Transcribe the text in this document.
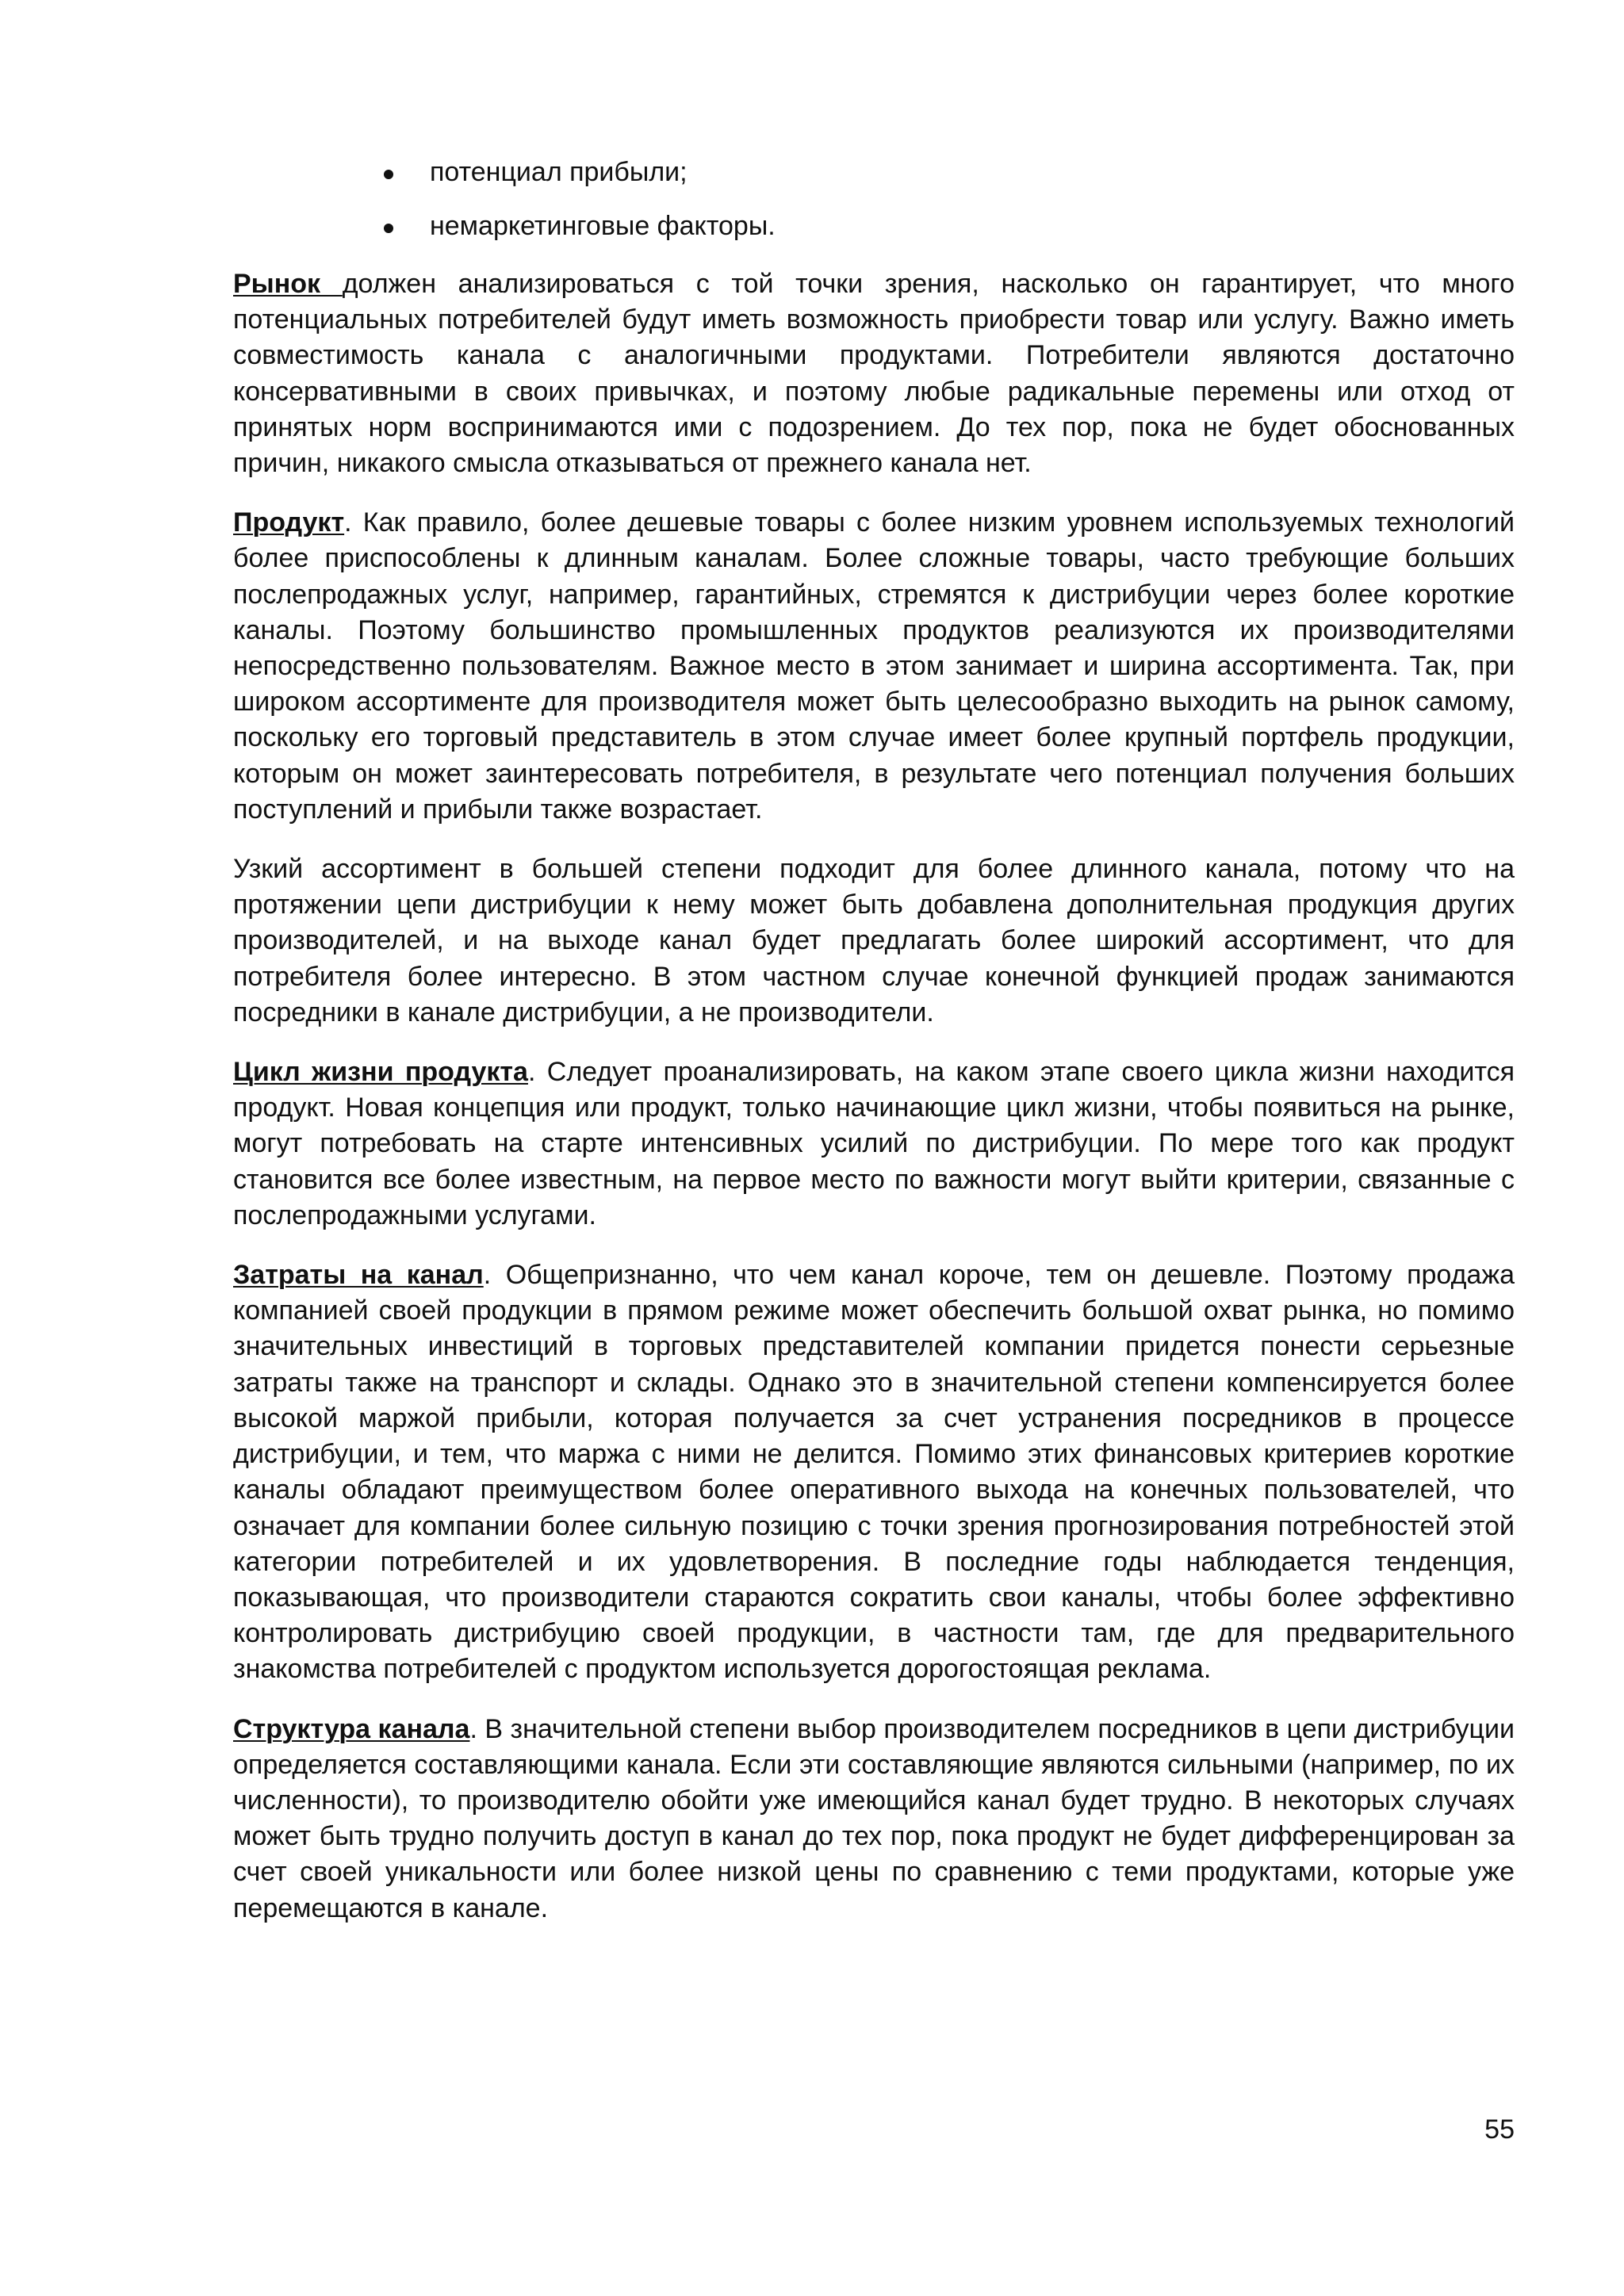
потенциал прибыли;
немаркетинговые факторы.

Рынок должен анализироваться с той точки зрения, насколько он гарантирует, что много потенциальных потребителей будут иметь возможность приобрести товар или услугу. Важно иметь совместимость канала с аналогичными продуктами. Потребители являются достаточно консервативными в своих привычках, и поэтому любые радикальные перемены или отход от принятых норм воспринимаются ими с подозрением. До тех пор, пока не будет обоснованных причин, никакого смысла отказываться от прежнего канала нет.

Продукт. Как правило, более дешевые товары с более низким уровнем используемых технологий более приспособлены к длинным каналам. Более сложные товары, часто требующие больших послепродажных услуг, например, гарантийных, стремятся к дистрибуции через более короткие каналы. Поэтому большинство промышленных продуктов реализуются их производителями непосредственно пользователям. Важное место в этом занимает и ширина ассортимента. Так, при широком ассортименте для производителя может быть целесообразно выходить на рынок самому, поскольку его торговый представитель в этом случае имеет более крупный портфель продукции, которым он может заинтересовать потребителя, в результате чего потенциал получения больших поступлений и прибыли также возрастает.

Узкий ассортимент в большей степени подходит для более длинного канала, потому что на протяжении цепи дистрибуции к нему может быть добавлена дополнительная продукция других производителей, и на выходе канал будет предлагать более широкий ассортимент, что для потребителя более интересно. В этом частном случае конечной функцией продаж занимаются посредники в канале дистрибуции, а не производители.

Цикл жизни продукта. Следует проанализировать, на каком этапе своего цикла жизни находится продукт. Новая концепция или продукт, только начинающие цикл жизни, чтобы появиться на рынке, могут потребовать на старте интенсивных усилий по дистрибуции. По мере того как продукт становится все более известным, на первое место по важности могут выйти критерии, связанные с послепродажными услугами.

Затраты на канал. Общепризнанно, что чем канал короче, тем он дешевле. Поэтому продажа компанией своей продукции в прямом режиме может обеспечить большой охват рынка, но помимо значительных инвестиций в торговых представителей компании придется понести серьезные затраты также на транспорт и склады. Однако это в значительной степени компенсируется более высокой маржой прибыли, которая получается за счет устранения посредников в процессе дистрибуции, и тем, что маржа с ними не делится. Помимо этих финансовых критериев короткие каналы обладают преимуществом более оперативного выхода на конечных пользователей, что означает для компании более сильную позицию с точки зрения прогнозирования потребностей этой категории потребителей и их удовлетворения. В последние годы наблюдается тенденция, показывающая, что производители стараются сократить свои каналы, чтобы более эффективно контролировать дистрибуцию своей продукции, в частности там, где для предварительного знакомства потребителей с продуктом используется дорогостоящая реклама.

Структура канала. В значительной степени выбор производителем посредников в цепи дистрибуции определяется составляющими канала. Если эти составляющие являются сильными (например, по их численности), то производителю обойти уже имеющийся канал будет трудно. В некоторых случаях может быть трудно получить доступ в канал до тех пор, пока продукт не будет дифференцирован за счет своей уникальности или более низкой цены по сравнению с теми продуктами, которые уже перемещаются в канале.

55
